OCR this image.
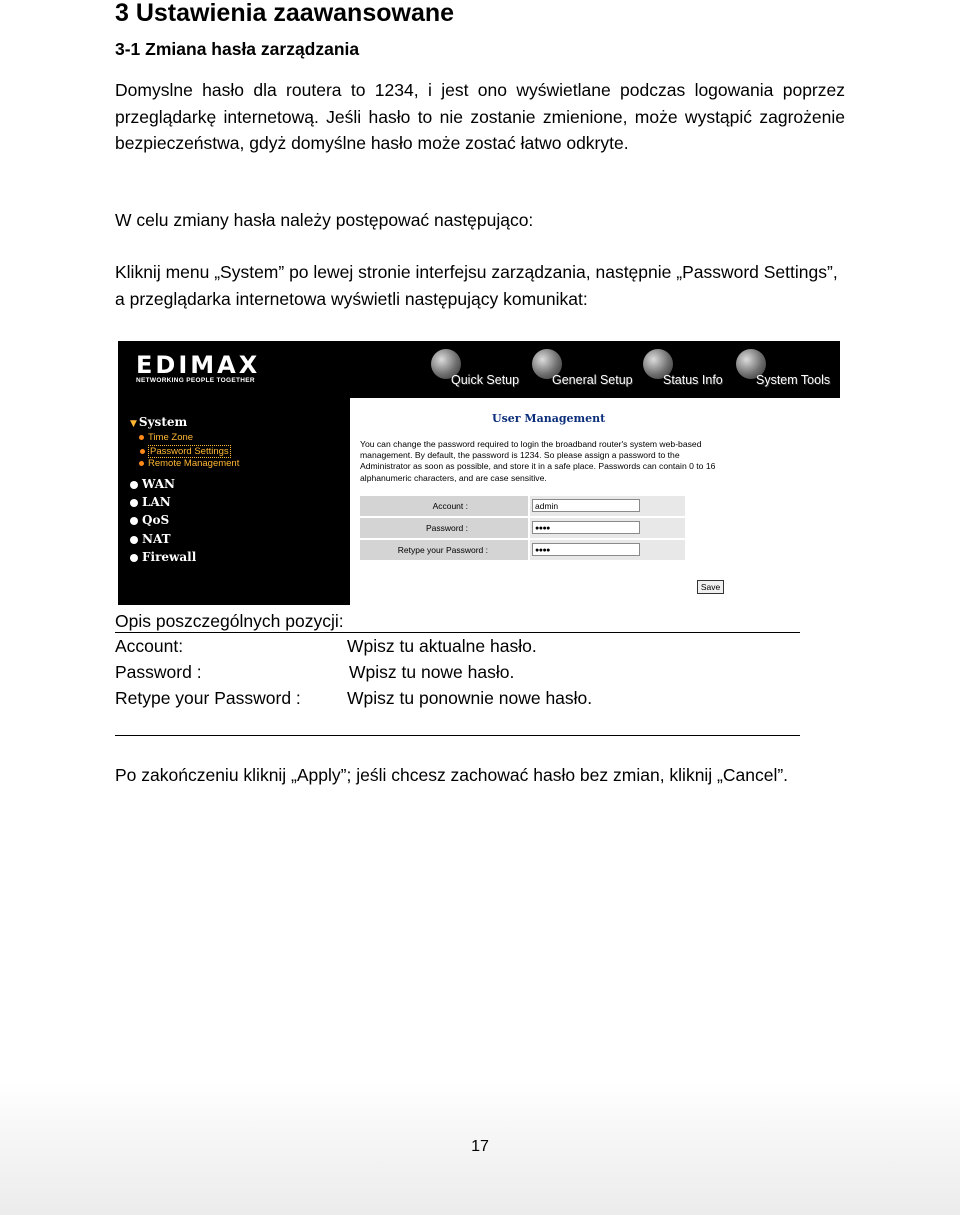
3 Ustawienia zaawansowane
3-1 Zmiana hasła zarządzania

Domyslne hasło dla routera to 1234, i jest ono wyświetlane podczas logowania poprzez przeglądarkę internetową. Jeśli hasło to nie zostanie zmienione, może wystąpić zagrożenie bezpieczeństwa, gdyż domyślne hasło może zostać łatwo odkryte.

W celu zmiany hasła należy postępować następująco:

Kliknij menu „System” po lewej stronie interfejsu zarządzania, następnie „Password Settings”, a przeglądarka internetowa wyświetli następujący komunikat:

EDIMAX
NETWORKING PEOPLE TOGETHER	Quick Setup	General Setup Status Info	System Tools
▼ System
Time Zone
Password Settings
Remote Management
WAN
LAN
QoS
NAT
Firewall
User Management
You can change the password required to login the broadband router's system web-based management. By default, the password is 1234. So please assign a password to the Administrator as soon as possible, and store it in a safe place. Passwords can contain 0 to 16 alphanumeric characters, and are case sensitive.
Account :	admin
Password :	●●●●
Retype your Password :	●●●●
Save
Opis poszczególnych pozycji:
Account:	Wpisz tu aktualne hasło.
Password :	Wpisz tu nowe hasło.
Retype your Password :	Wpisz tu ponownie nowe hasło.

Po zakończeniu kliknij „Apply”; jeśli chcesz zachować hasło bez zmian, kliknij „Cancel”.

17
